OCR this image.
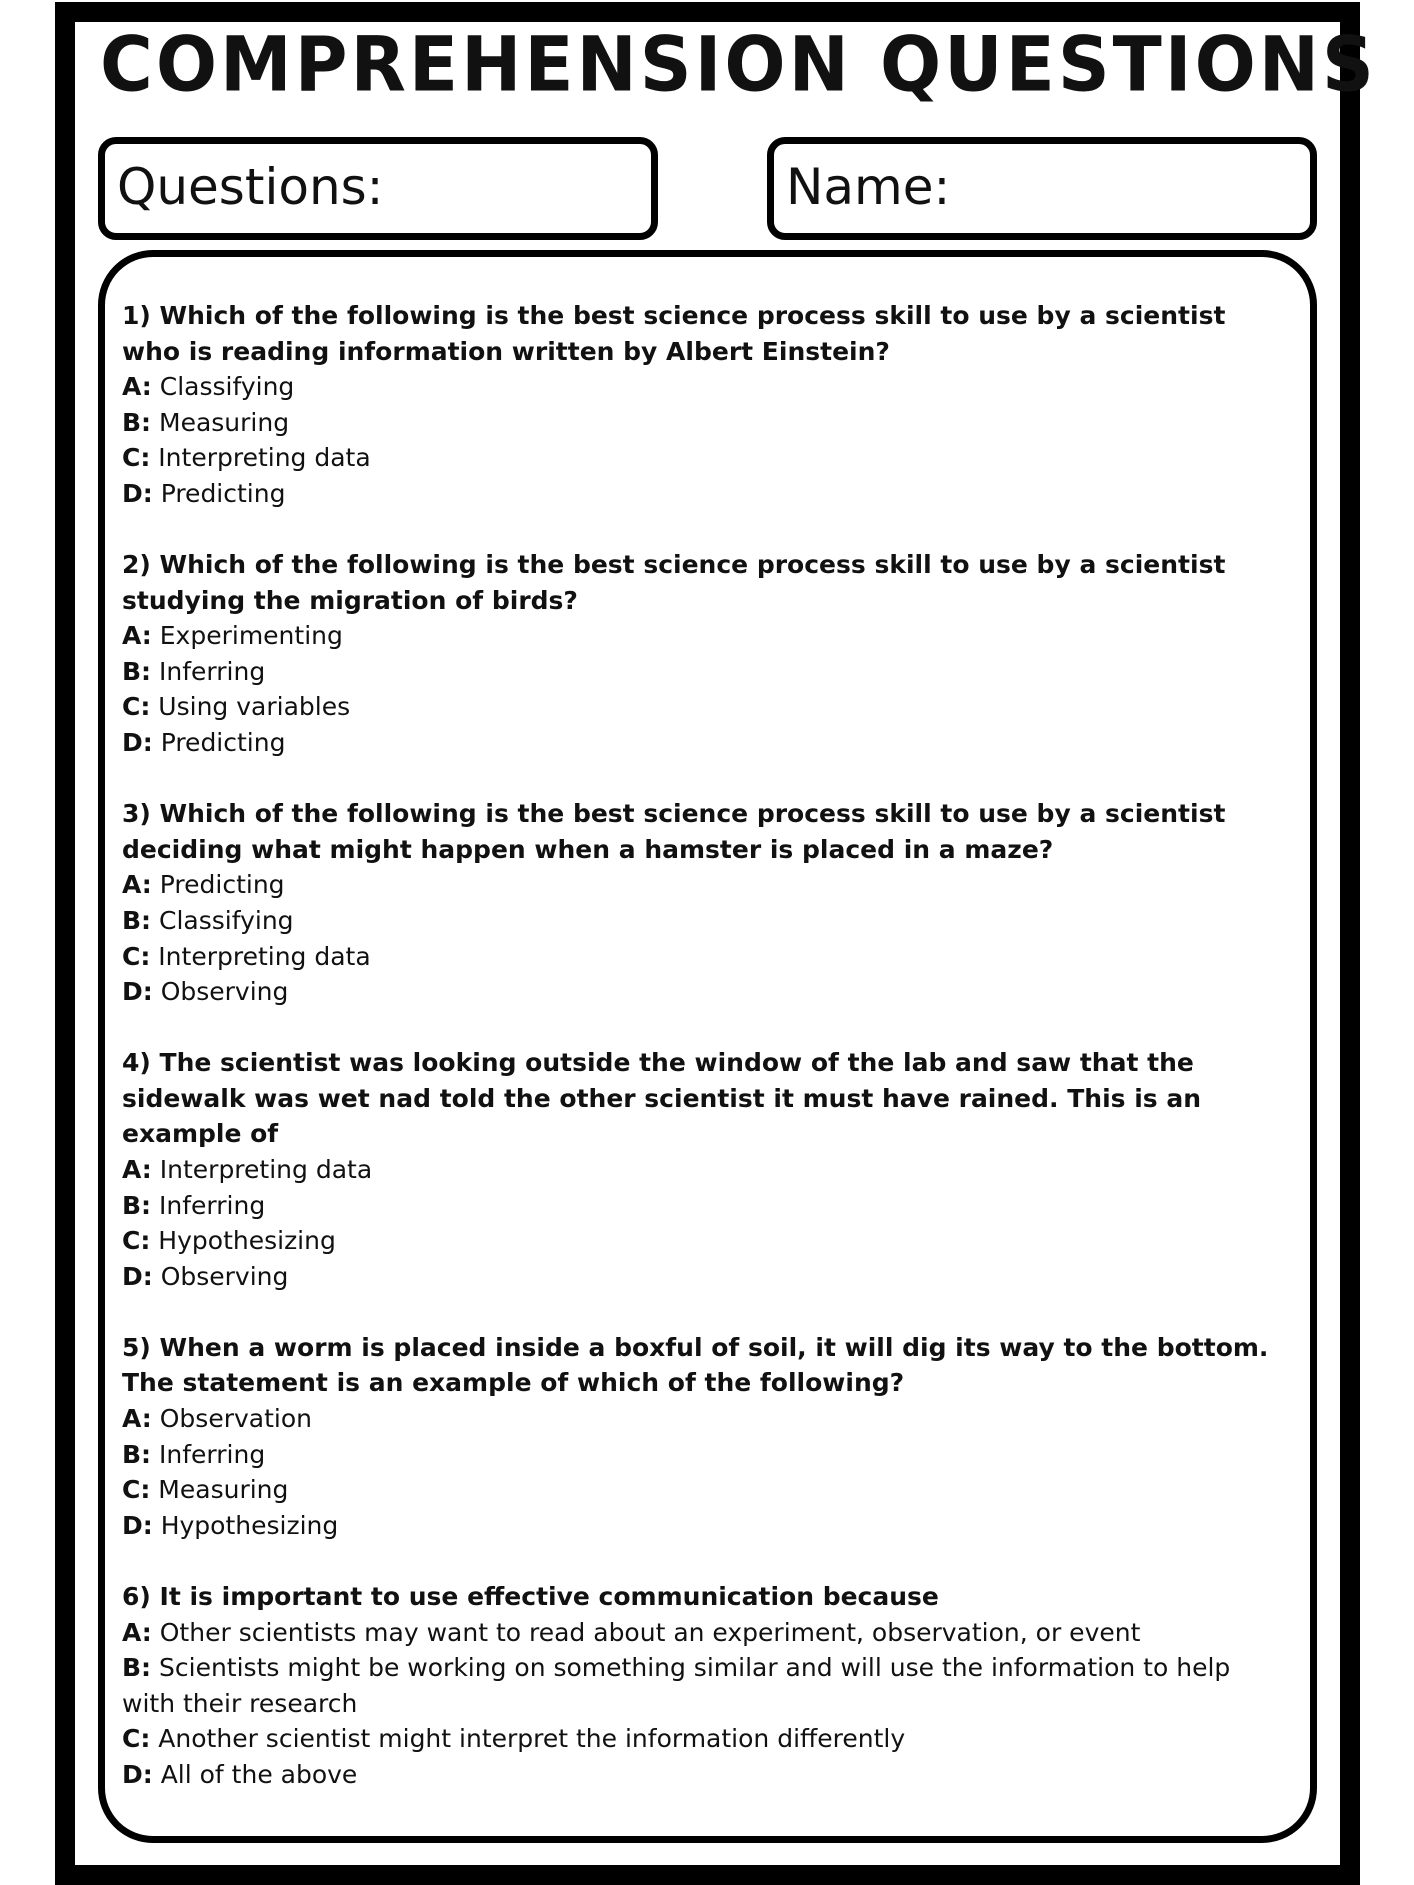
COMPREHENSION QUESTIONS
Questions:	Name:

1) Which of the following is the best science process skill to use by a scientist who is reading information written by Albert Einstein?

A: Classifying

B: Measuring

C: Interpreting data

D: Predicting

2) Which of the following is the best science process skill to use by a scientist studying the migration of birds?

A: Experimenting

B: Inferring

C: Using variables

D: Predicting

3) Which of the following is the best science process skill to use by a scientist deciding what might happen when a hamster is placed in a maze?

A: Predicting

B: Classifying

C: Interpreting data

D: Observing

4) The scientist was looking outside the window of the lab and saw that the sidewalk was wet nad told the other scientist it must have rained. This is an example of

A: Interpreting data

B: Inferring

C: Hypothesizing

D: Observing

5) When a worm is placed inside a boxful of soil, it will dig its way to the bottom. The statement is an example of which of the following?

A: Observation

B: Inferring

C: Measuring

D: Hypothesizing

6) It is important to use effective communication because

A: Other scientists may want to read about an experiment, observation, or event

B: Scientists might be working on something similar and will use the information to help with their research

C: Another scientist might interpret the information differently

D: All of the above
